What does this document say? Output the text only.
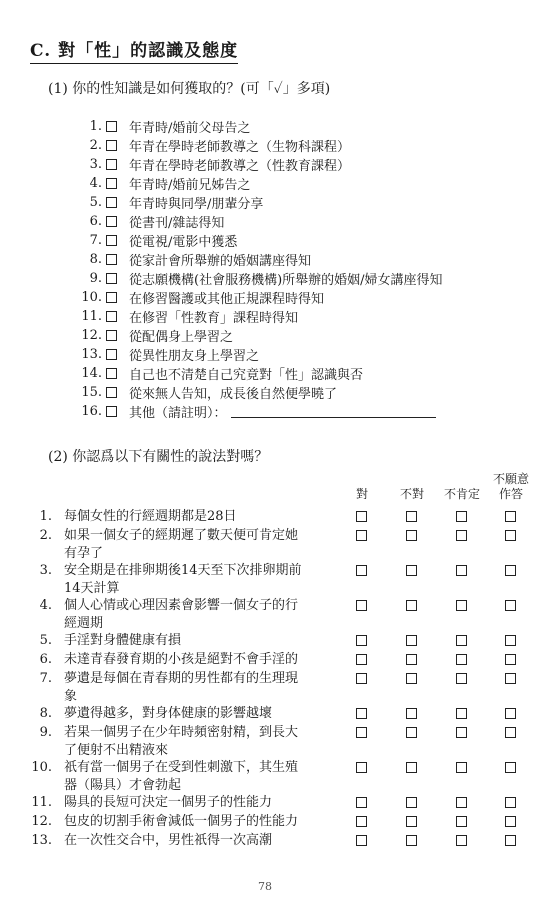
C. 對「性」的認識及態度
(1) 你的性知識是如何獲取的？(可「✓」多項)
1. 年青時/婚前父母告之
2. 年青在學時老師教導之（生物科課程）
3. 年青在學時老師教導之（性教育課程）
4. 年青時/婚前兄姊告之
5. 年青時與同學/朋輩分享
6. 從書刊/雜誌得知
7. 從電視/電影中獲悉
8. 從家計會所舉辦的婚姻講座得知
9. 從志願機構(社會服務機構)所舉辦的婚姻/婦女講座得知
10. 在修習醫護或其他正規課程時得知
11. 在修習「性教育」課程時得知
12. 從配偶身上學習之
13. 從異性朋友身上學習之
14. 自己也不清楚自己究竟對「性」認識與否
15. 從來無人告知，成長後自然便學曉了
16. 其他（請註明）：
(2) 你認爲以下有關性的說法對嗎？
對	不對	不肯定
不願意作答
1. 每個女性的行經週期都是28日
2. 如果一個女子的經期遲了數天便可肯定她
有孕了
3. 安全期是在排卵期後14天至下次排卵期前
14天計算
4. 個人心情或心理因素會影響一個女子的行
經週期
5. 手淫對身體健康有損
6. 未達青春發育期的小孩是絕對不會手淫的
7. 夢遺是每個在青春期的男性都有的生理現
象
8. 夢遺得越多，對身体健康的影響越壞
9. 若果一個男子在少年時頻密射精，到長大
了便射不出精液來
10. 祇有當一個男子在受到性刺激下，其生殖
器（陽具）才會勃起
11. 陽具的長短可決定一個男子的性能力
12. 包皮的切割手術會減低一個男子的性能力
13. 在一次性交合中，男性祇得一次高潮
78
